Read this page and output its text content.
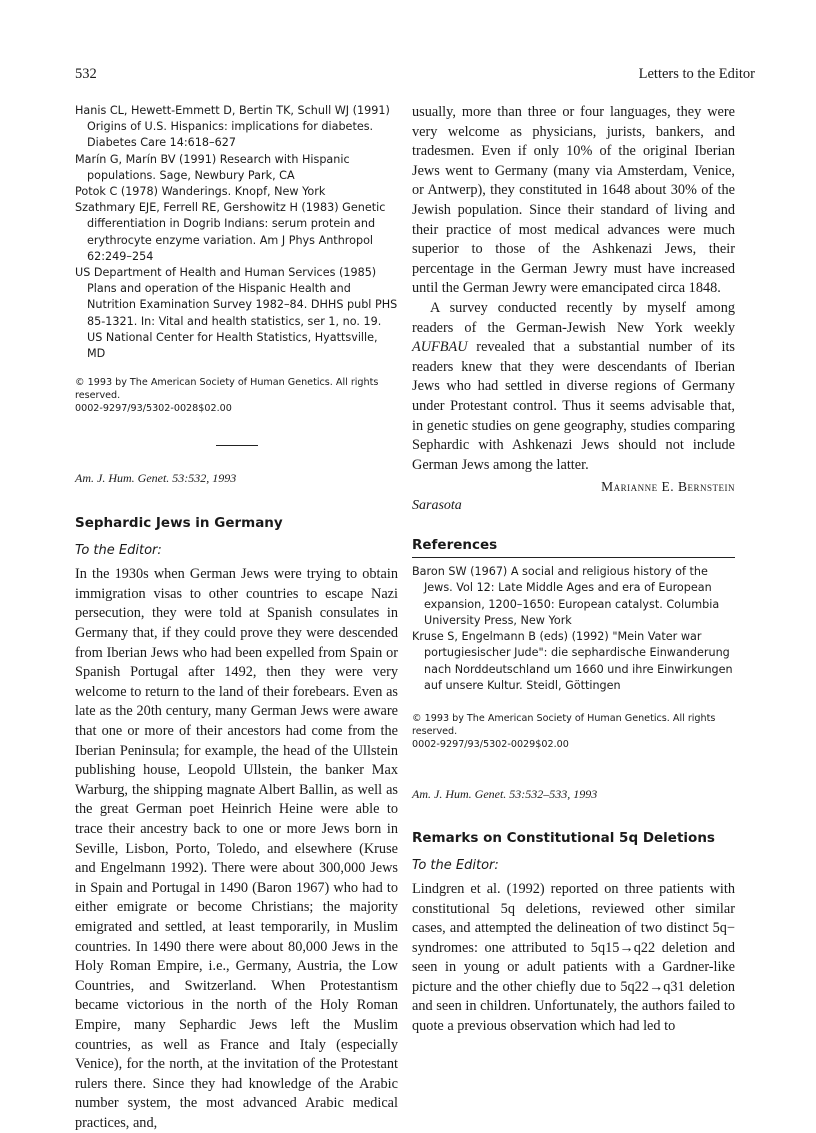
532	Letters to the Editor

Hanis CL, Hewett-Emmett D, Bertin TK, Schull WJ (1991) Origins of U.S. Hispanics: implications for diabetes. Diabetes Care 14:618–627

Marín G, Marín BV (1991) Research with Hispanic populations. Sage, Newbury Park, CA

Potok C (1978) Wanderings. Knopf, New York

Szathmary EJE, Ferrell RE, Gershowitz H (1983) Genetic differentiation in Dogrib Indians: serum protein and erythrocyte enzyme variation. Am J Phys Anthropol 62:249–254

US Department of Health and Human Services (1985) Plans and operation of the Hispanic Health and Nutrition Examination Survey 1982–84. DHHS publ PHS 85-1321. In: Vital and health statistics, ser 1, no. 19. US National Center for Health Statistics, Hyattsville, MD

© 1993 by The American Society of Human Genetics. All rights reserved.

0002-9297/93/5302-0028$02.00

Am. J. Hum. Genet. 53:532, 1993

Sephardic Jews in Germany

To the Editor:

In the 1930s when German Jews were trying to obtain immigration visas to other countries to escape Nazi persecution, they were told at Spanish consulates in Germany that, if they could prove they were descended from Iberian Jews who had been expelled from Spain or Spanish Portugal after 1492, then they were very welcome to return to the land of their forebears. Even as late as the 20th century, many German Jews were aware that one or more of their ancestors had come from the Iberian Peninsula; for example, the head of the Ullstein publishing house, Leopold Ullstein, the banker Max Warburg, the shipping magnate Albert Ballin, as well as the great German poet Heinrich Heine were able to trace their ancestry back to one or more Jews born in Seville, Lisbon, Porto, Toledo, and elsewhere (Kruse and Engelmann 1992). There were about 300,000 Jews in Spain and Portugal in 1490 (Baron 1967) who had to either emigrate or become Christians; the majority emigrated and settled, at least temporarily, in Muslim countries. In 1490 there were about 80,000 Jews in the Holy Roman Empire, i.e., Germany, Austria, the Low Countries, and Switzerland. When Protestantism became victorious in the north of the Holy Roman Empire, many Sephardic Jews left the Muslim countries, as well as France and Italy (especially Venice), for the north, at the invitation of the Protestant rulers there. Since they had knowledge of the Arabic number system, the most advanced Arabic medical practices, and,

usually, more than three or four languages, they were very welcome as physicians, jurists, bankers, and tradesmen. Even if only 10% of the original Iberian Jews went to Germany (many via Amsterdam, Venice, or Antwerp), they constituted in 1648 about 30% of the Jewish population. Since their standard of living and their practice of most medical advances were much superior to those of the Ashkenazi Jews, their percentage in the German Jewry must have increased until the German Jewry were emancipated circa 1848.

A survey conducted recently by myself among readers of the German-Jewish New York weekly AUFBAU revealed that a substantial number of its readers knew that they were descendants of Iberian Jews who had settled in diverse regions of Germany under Protestant control. Thus it seems advisable that, in genetic studies on gene geography, studies comparing Sephardic with Ashkenazi Jews should not include German Jews among the latter.

Marianne E. Bernstein

Sarasota

References

Baron SW (1967) A social and religious history of the Jews. Vol 12: Late Middle Ages and era of European expansion, 1200–1650: European catalyst. Columbia University Press, New York

Kruse S, Engelmann B (eds) (1992) "Mein Vater war portugiesischer Jude": die sephardische Einwanderung nach Norddeutschland um 1660 und ihre Einwirkungen auf unsere Kultur. Steidl, Göttingen

© 1993 by The American Society of Human Genetics. All rights reserved.

0002-9297/93/5302-0029$02.00

Am. J. Hum. Genet. 53:532–533, 1993

Remarks on Constitutional 5q Deletions

To the Editor:

Lindgren et al. (1992) reported on three patients with constitutional 5q deletions, reviewed other similar cases, and attempted the delineation of two distinct 5q− syndromes: one attributed to 5q15→q22 deletion and seen in young or adult patients with a Gardner-like picture and the other chiefly due to 5q22→q31 deletion and seen in children. Unfortunately, the authors failed to quote a previous observation which had led to
